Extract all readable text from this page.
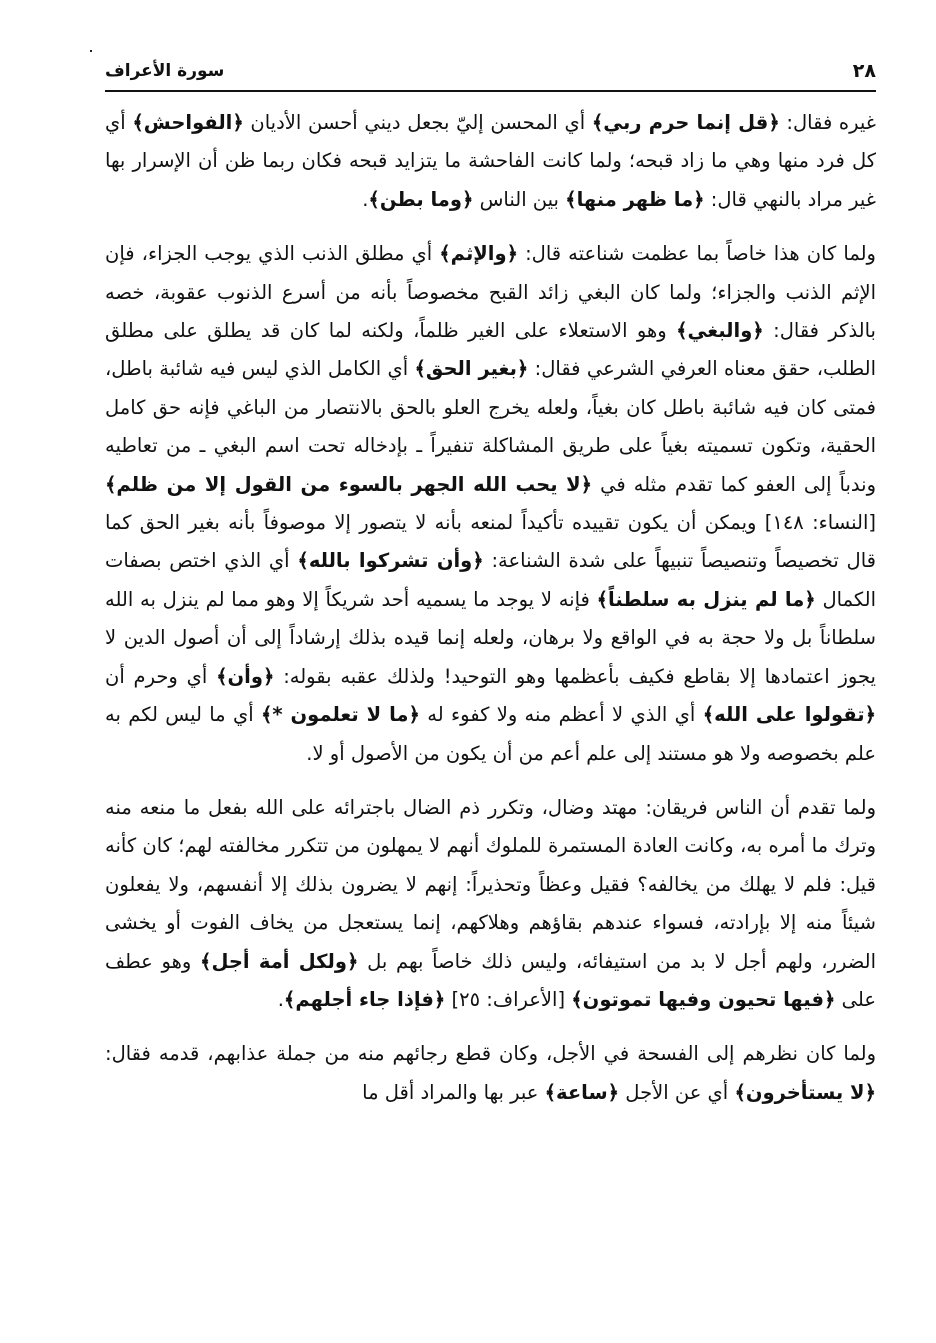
٢٨
سورة الأعراف

غيره فقال: ﴿قل إنما حرم ربي﴾ أي المحسن إليّ بجعل ديني أحسن الأديان ﴿الفواحش﴾ أي كل فرد منها وهي ما زاد قبحه؛ ولما كانت الفاحشة ما يتزايد قبحه فكان ربما ظن أن الإسرار بها غير مراد بالنهي قال: ﴿ما ظهر منها﴾ بين الناس ﴿وما بطن﴾.

ولما كان هذا خاصاً بما عظمت شناعته قال: ﴿والإثم﴾ أي مطلق الذنب الذي يوجب الجزاء، فإن الإثم الذنب والجزاء؛ ولما كان البغي زائد القبح مخصوصاً بأنه من أسرع الذنوب عقوبة، خصه بالذكر فقال: ﴿والبغي﴾ وهو الاستعلاء على الغير ظلماً، ولكنه لما كان قد يطلق على مطلق الطلب، حقق معناه العرفي الشرعي فقال: ﴿بغير الحق﴾ أي الكامل الذي ليس فيه شائبة باطل، فمتى كان فيه شائبة باطل كان بغياً، ولعله يخرج العلو بالحق بالانتصار من الباغي فإنه حق كامل الحقية، وتكون تسميته بغياً على طريق المشاكلة تنفيراً ـ بإدخاله تحت اسم البغي ـ من تعاطيه وندباً إلى العفو كما تقدم مثله في ﴿لا يحب الله الجهر بالسوء من القول إلا من ظلم﴾ [النساء: ١٤٨] ويمكن أن يكون تقييده تأكيداً لمنعه بأنه لا يتصور إلا موصوفاً بأنه بغير الحق كما قال تخصيصاً وتنصيصاً تنبيهاً على شدة الشناعة: ﴿وأن تشركوا بالله﴾ أي الذي اختص بصفات الكمال ﴿ما لم ينزل به سلطناً﴾ فإنه لا يوجد ما يسميه أحد شريكاً إلا وهو مما لم ينزل به الله سلطاناً بل ولا حجة به في الواقع ولا برهان، ولعله إنما قيده بذلك إرشاداً إلى أن أصول الدين لا يجوز اعتمادها إلا بقاطع فكيف بأعظمها وهو التوحيد! ولذلك عقبه بقوله: ﴿وأن﴾ أي وحرم أن ﴿تقولوا على الله﴾ أي الذي لا أعظم منه ولا كفوء له ﴿ما لا تعلمون *﴾ أي ما ليس لكم به علم بخصوصه ولا هو مستند إلى علم أعم من أن يكون من الأصول أو لا.

ولما تقدم أن الناس فريقان: مهتد وضال، وتكرر ذم الضال باجترائه على الله بفعل ما منعه منه وترك ما أمره به، وكانت العادة المستمرة للملوك أنهم لا يمهلون من تتكرر مخالفته لهم؛ كان كأنه قيل: فلم لا يهلك من يخالفه؟ فقيل وعظاً وتحذيراً: إنهم لا يضرون بذلك إلا أنفسهم، ولا يفعلون شيئاً منه إلا بإرادته، فسواء عندهم بقاؤهم وهلاكهم، إنما يستعجل من يخاف الفوت أو يخشى الضرر، ولهم أجل لا بد من استيفائه، وليس ذلك خاصاً بهم بل ﴿ولكل أمة أجل﴾ وهو عطف على ﴿فيها تحيون وفيها تموتون﴾ [الأعراف: ٢٥] ﴿فإذا جاء أجلهم﴾.

ولما كان نظرهم إلى الفسحة في الأجل، وكان قطع رجائهم منه من جملة عذابهم، قدمه فقال: ﴿لا يستأخرون﴾ أي عن الأجل ﴿ساعة﴾ عبر بها والمراد أقل ما
